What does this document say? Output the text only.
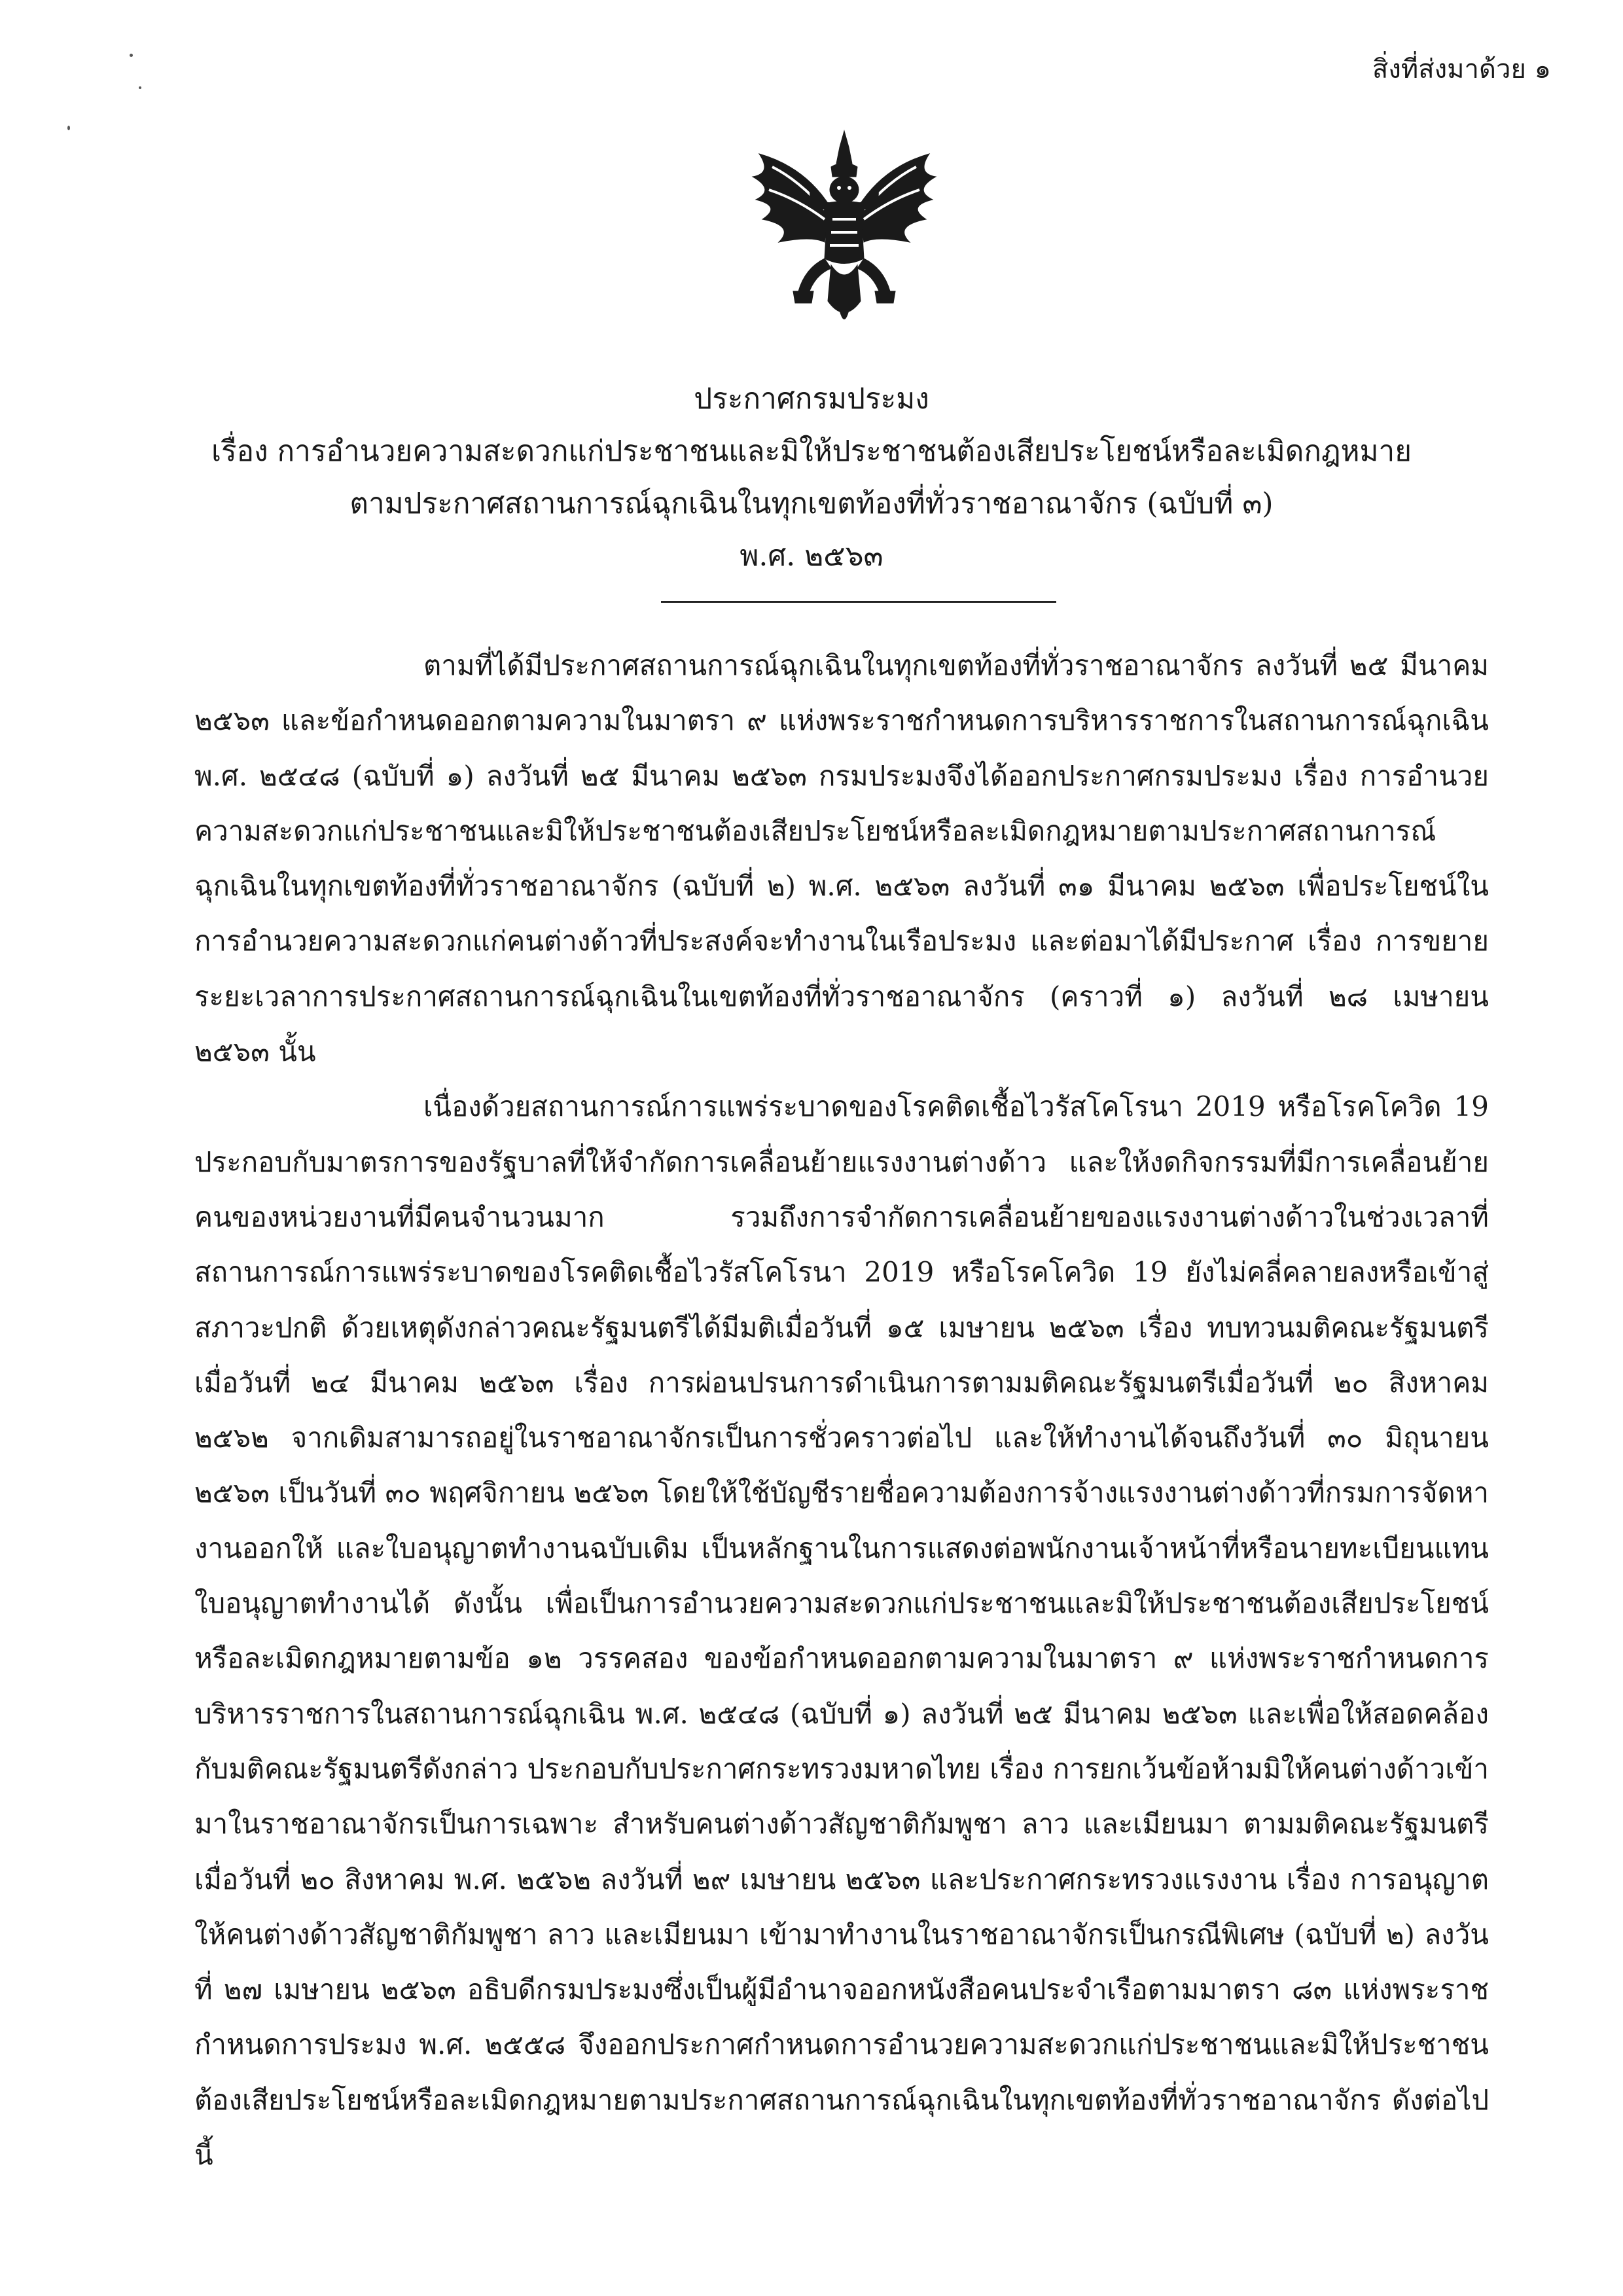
สิ่งที่ส่งมาด้วย ๑
ประกาศกรมประมง
เรื่อง การอำนวยความสะดวกแก่ประชาชนและมิให้ประชาชนต้องเสียประโยชน์หรือละเมิดกฎหมาย
ตามประกาศสถานการณ์ฉุกเฉินในทุกเขตท้องที่ทั่วราชอาณาจักร (ฉบับที่ ๓)
พ.ศ. ๒๕๖๓

ตามที่ได้มีประกาศสถานการณ์ฉุกเฉินในทุกเขตท้องที่ทั่วราชอาณาจักร ลงวันที่ ๒๕ มีนาคม ๒๕๖๓ และข้อกำหนดออกตามความในมาตรา ๙ แห่งพระราชกำหนดการบริหารราชการในสถานการณ์ฉุกเฉิน พ.ศ. ๒๕๔๘ (ฉบับที่ ๑) ลงวันที่ ๒๕ มีนาคม ๒๕๖๓ กรมประมงจึงได้ออกประกาศกรมประมง เรื่อง การอำนวยความสะดวกแก่ประชาชนและมิให้ประชาชนต้องเสียประโยชน์หรือละเมิดกฎหมายตามประกาศสถานการณ์ฉุกเฉินในทุกเขตท้องที่ทั่วราชอาณาจักร (ฉบับที่ ๒) พ.ศ. ๒๕๖๓ ลงวันที่ ๓๑ มีนาคม ๒๕๖๓ เพื่อประโยชน์ในการอำนวยความสะดวกแก่คนต่างด้าวที่ประสงค์จะทำงานในเรือประมง และต่อมาได้มีประกาศ เรื่อง การขยายระยะเวลาการประกาศสถานการณ์ฉุกเฉินในเขตท้องที่ทั่วราชอาณาจักร (คราวที่ ๑) ลงวันที่ ๒๘ เมษายน ๒๕๖๓ นั้น

เนื่องด้วยสถานการณ์การแพร่ระบาดของโรคติดเชื้อไวรัสโคโรนา 2019 หรือโรคโควิด 19 ประกอบกับมาตรการของรัฐบาลที่ให้จำกัดการเคลื่อนย้ายแรงงานต่างด้าว และให้งดกิจกรรมที่มีการเคลื่อนย้ายคนของหน่วยงานที่มีคนจำนวนมาก รวมถึงการจำกัดการเคลื่อนย้ายของแรงงานต่างด้าวในช่วงเวลาที่สถานการณ์การแพร่ระบาดของโรคติดเชื้อไวรัสโคโรนา 2019 หรือโรคโควิด 19 ยังไม่คลี่คลายลงหรือเข้าสู่สภาวะปกติ ด้วยเหตุดังกล่าวคณะรัฐมนตรีได้มีมติเมื่อวันที่ ๑๕ เมษายน ๒๕๖๓ เรื่อง ทบทวนมติคณะรัฐมนตรีเมื่อวันที่ ๒๔ มีนาคม ๒๕๖๓ เรื่อง การผ่อนปรนการดำเนินการตามมติคณะรัฐมนตรีเมื่อวันที่ ๒๐ สิงหาคม ๒๕๖๒ จากเดิมสามารถอยู่ในราชอาณาจักรเป็นการชั่วคราวต่อไป และให้ทำงานได้จนถึงวันที่ ๓๐ มิถุนายน ๒๕๖๓ เป็นวันที่ ๓๐ พฤศจิกายน ๒๕๖๓ โดยให้ใช้บัญชีรายชื่อความต้องการจ้างแรงงานต่างด้าวที่กรมการจัดหางานออกให้ และใบอนุญาตทำงานฉบับเดิม เป็นหลักฐานในการแสดงต่อพนักงานเจ้าหน้าที่หรือนายทะเบียนแทนใบอนุญาตทำงานได้ ดังนั้น เพื่อเป็นการอำนวยความสะดวกแก่ประชาชนและมิให้ประชาชนต้องเสียประโยชน์หรือละเมิดกฎหมายตามข้อ ๑๒ วรรคสอง ของข้อกำหนดออกตามความในมาตรา ๙ แห่งพระราชกำหนดการบริหารราชการในสถานการณ์ฉุกเฉิน พ.ศ. ๒๕๔๘ (ฉบับที่ ๑) ลงวันที่ ๒๕ มีนาคม ๒๕๖๓ และเพื่อให้สอดคล้องกับมติคณะรัฐมนตรีดังกล่าว ประกอบกับประกาศกระทรวงมหาดไทย เรื่อง การยกเว้นข้อห้ามมิให้คนต่างด้าวเข้ามาในราชอาณาจักรเป็นการเฉพาะ สำหรับคนต่างด้าวสัญชาติกัมพูชา ลาว และเมียนมา ตามมติคณะรัฐมนตรีเมื่อวันที่ ๒๐ สิงหาคม พ.ศ. ๒๕๖๒ ลงวันที่ ๒๙ เมษายน ๒๕๖๓ และประกาศกระทรวงแรงงาน เรื่อง การอนุญาตให้คนต่างด้าวสัญชาติกัมพูชา ลาว และเมียนมา เข้ามาทำงานในราชอาณาจักรเป็นกรณีพิเศษ (ฉบับที่ ๒) ลงวันที่ ๒๗ เมษายน ๒๕๖๓ อธิบดีกรมประมงซึ่งเป็นผู้มีอำนาจออกหนังสือคนประจำเรือตามมาตรา ๘๓ แห่งพระราชกำหนดการประมง พ.ศ. ๒๕๕๘ จึงออกประกาศกำหนดการอำนวยความสะดวกแก่ประชาชนและมิให้ประชาชนต้องเสียประโยชน์หรือละเมิดกฎหมายตามประกาศสถานการณ์ฉุกเฉินในทุกเขตท้องที่ทั่วราชอาณาจักร ดังต่อไปนี้
